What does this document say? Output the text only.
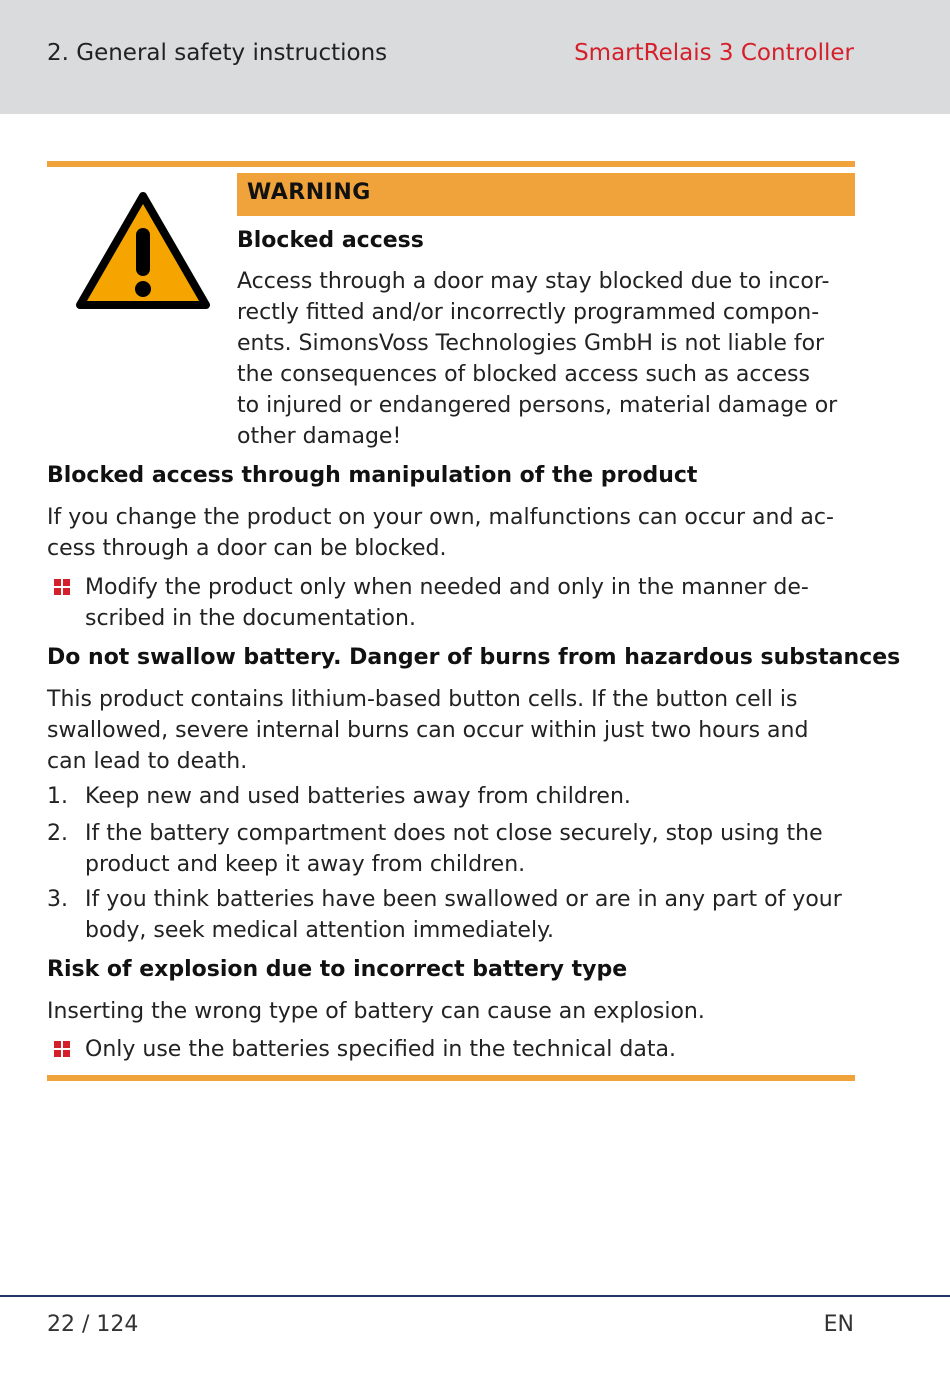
2. General safety instructions	SmartRelais 3 Controller
WARNING
Blocked access
Access through a door may stay blocked due to incor-
rectly fitted and/or incorrectly programmed compon-
ents. SimonsVoss Technologies GmbH is not liable for
the consequences of blocked access such as access
to injured or endangered persons, material damage or
other damage!
Blocked access through manipulation of the product
If you change the product on your own, malfunctions can occur and ac-
cess through a door can be blocked.
Modify the product only when needed and only in the manner de-
scribed in the documentation.
Do not swallow battery. Danger of burns from hazardous substances
This product contains lithium-based button cells. If the button cell is
swallowed, severe internal burns can occur within just two hours and
can lead to death.
1. Keep new and used batteries away from children.
2. If the battery compartment does not close securely, stop using the
product and keep it away from children.
3. If you think batteries have been swallowed or are in any part of your
body, seek medical attention immediately.
Risk of explosion due to incorrect battery type
Inserting the wrong type of battery can cause an explosion.
Only use the batteries specified in the technical data.
22 / 124	EN
